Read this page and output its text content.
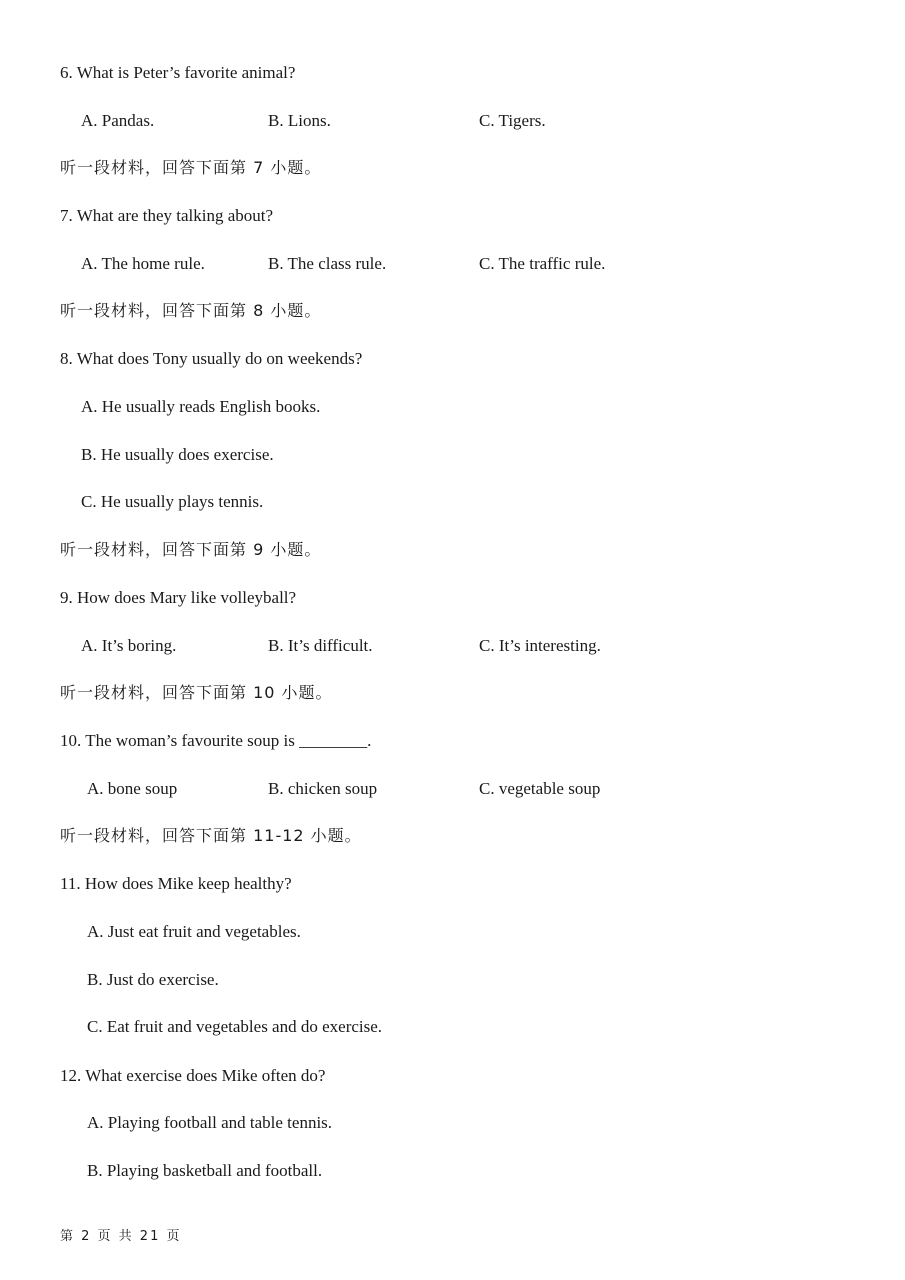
6. What is Peter’s favorite animal?
A. Pandas.	B. Lions.	C. Tigers.
听一段材料，回答下面第 7 小题。
7. What are they talking about?
A. The home rule.	B. The class rule.	C. The traffic rule.
听一段材料，回答下面第 8 小题。
8. What does Tony usually do on weekends?
A. He usually reads English books.
B. He usually does exercise.
C. He usually plays tennis.
听一段材料，回答下面第 9 小题。
9. How does Mary like volleyball?
A. It’s boring.	B. It’s difficult.	C. It’s interesting.
听一段材料，回答下面第 10 小题。
10. The woman’s favourite soup is ________.
A. bone soup	B. chicken soup	C. vegetable soup
听一段材料，回答下面第 11-12 小题。
11. How does Mike keep healthy?
A. Just eat fruit and vegetables.
B. Just do exercise.
C. Eat fruit and vegetables and do exercise.
12. What exercise does Mike often do?
A. Playing football and table tennis.
B. Playing basketball and football.
第 2 页 共 21 页
